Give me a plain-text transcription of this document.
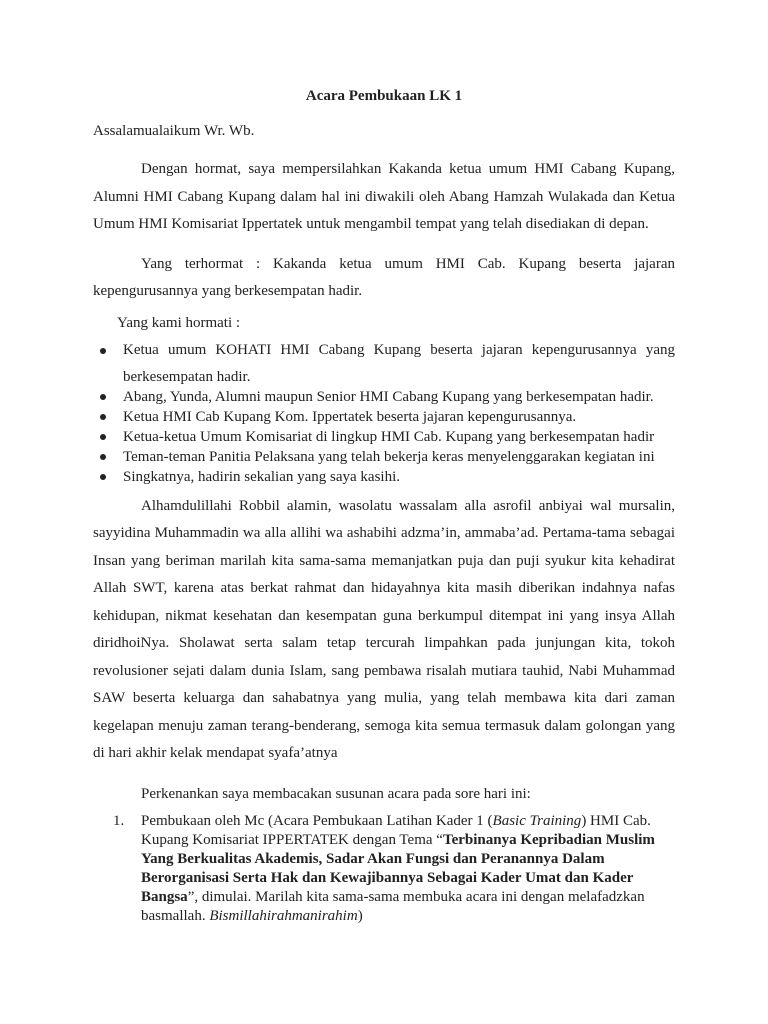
Acara Pembukaan LK 1
Assalamualaikum Wr. Wb.

Dengan hormat, saya mempersilahkan Kakanda ketua umum HMI Cabang Kupang, Alumni HMI Cabang Kupang dalam hal ini diwakili oleh Abang Hamzah Wulakada dan Ketua Umum HMI Komisariat Ippertatek untuk mengambil tempat yang telah disediakan di depan.

Yang terhormat : Kakanda ketua umum HMI Cab. Kupang beserta jajaran kepengurusannya yang berkesempatan hadir.

Yang kami hormati :
Ketua umum KOHATI HMI Cabang Kupang beserta jajaran kepengurusannya yang berkesempatan hadir.
Abang, Yunda, Alumni maupun Senior HMI Cabang Kupang yang berkesempatan hadir.
Ketua HMI Cab Kupang Kom. Ippertatek beserta jajaran kepengurusannya.
Ketua-ketua Umum Komisariat di lingkup HMI Cab. Kupang yang berkesempatan hadir
Teman-teman Panitia Pelaksana yang telah bekerja keras menyelenggarakan kegiatan ini
Singkatnya, hadirin sekalian yang saya kasihi.

Alhamdulillahi Robbil alamin, wasolatu wassalam alla asrofil anbiyai wal mursalin, sayyidina Muhammadin wa alla allihi wa ashabihi adzma’in, ammaba’ad. Pertama-tama sebagai Insan yang beriman marilah kita sama-sama memanjatkan puja dan puji syukur kita kehadirat Allah SWT, karena atas berkat rahmat dan hidayahnya kita masih diberikan indahnya nafas kehidupan, nikmat kesehatan dan kesempatan guna berkumpul ditempat ini yang insya Allah diridhoiNya. Sholawat serta salam tetap tercurah limpahkan pada junjungan kita, tokoh revolusioner sejati dalam dunia Islam, sang pembawa risalah mutiara tauhid, Nabi Muhammad SAW beserta keluarga dan sahabatnya yang mulia, yang telah membawa kita dari zaman kegelapan menuju zaman terang-benderang, semoga kita semua termasuk dalam golongan yang di hari akhir kelak mendapat syafa’atnya

Perkenankan saya membacakan susunan acara pada sore hari ini:

1. Pembukaan oleh Mc (Acara Pembukaan Latihan Kader 1 (Basic Training) HMI Cab. Kupang Komisariat IPPERTATEK dengan Tema “Terbinanya Kepribadian Muslim Yang Berkualitas Akademis, Sadar Akan Fungsi dan Peranannya Dalam Berorganisasi Serta Hak dan Kewajibannya Sebagai Kader Umat dan Kader Bangsa”, dimulai. Marilah kita sama-sama membuka acara ini dengan melafadzkan basmallah. Bismillahirahmanirahim)
